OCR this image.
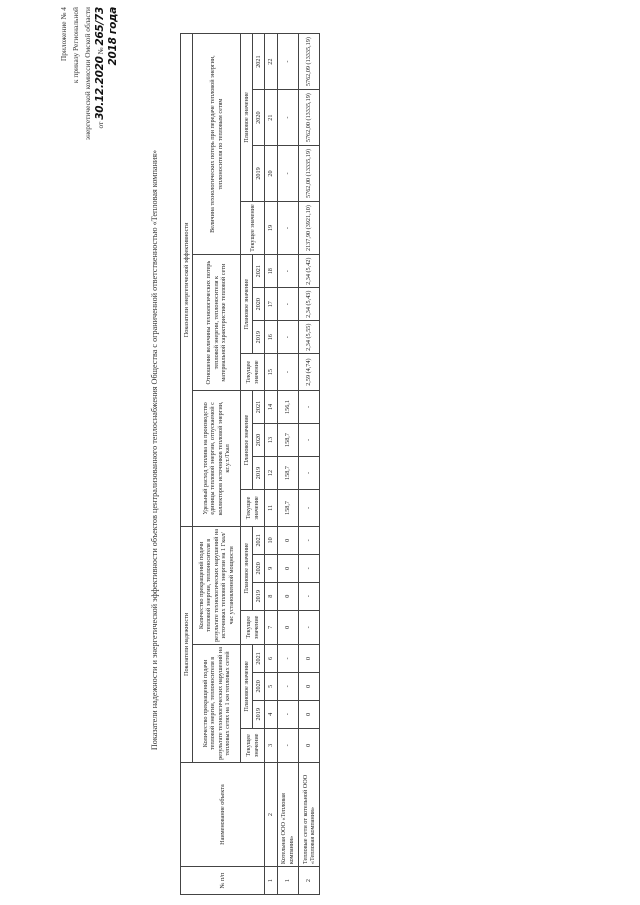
Приложение № 4 к приказу Региональной энергетической комиссии Омской области от 30.12.2020 № 265/73 2018 года
Показатели надежности и энергетической эффективности объектов централизованного теплоснабжения Общества с ограниченной ответственностью «Тепловая компания»
№ п/п	Наименование объекта	Показатели надежности								Показатели энергетической эффективности											
		Количество прекращений подачи тепловой энергии, теплоносителя в результате технологических нарушений на тепловых сетях на 1 км тепловых сетей				Количество прекращений подачи тепловой энергии, теплоносителя в результате технологических нарушений на источниках тепловой энергии на 1 Гкал/час установленной мощности				Удельный расход топлива на производство единицы тепловой энергии, отпускаемой с коллекторов источников тепловой энергии, кг.у.т./Гкал				Отношение величины технологических потерь тепловой энергии, теплоносителя к материальной характеристике тепловой сети				Величина технологических потерь при передаче тепловой энергии, теплоносителя по тепловым сетям			
		Текущее значение	Плановое значение			Текущее значение	Плановое значение			Текущее значение	Плановое значение			Текущее значение	Плановое значение			Текущее значение	Плановое значение		
			2019	2020	2021		2019	2020	2021		2019	2020	2021		2019	2020	2021		2019	2020	2021
1	2	3	4	5	6	7	8	9	10	11	12	13	14	15	16	17	18	19	20	21	22
1	Котельная ООО «Тепловая компания»	-	-	-	-	0	0	0	0	158,7	158,7	158,7	156,1	-	-	-	-	-	-	-	-
2	Тепловые сети от котельной ООО «Тепловая компания»	0	0	0	0	-	-	-	-	-	-	-	-	2,59 (4,74)	2,34 (5,55)	2,34 (5,43)	2,34 (5,42)	2137,90 (3921,10)	5762,00 (13335,19)	5762,00 (13335,19)	5762,09 (13335,19)
